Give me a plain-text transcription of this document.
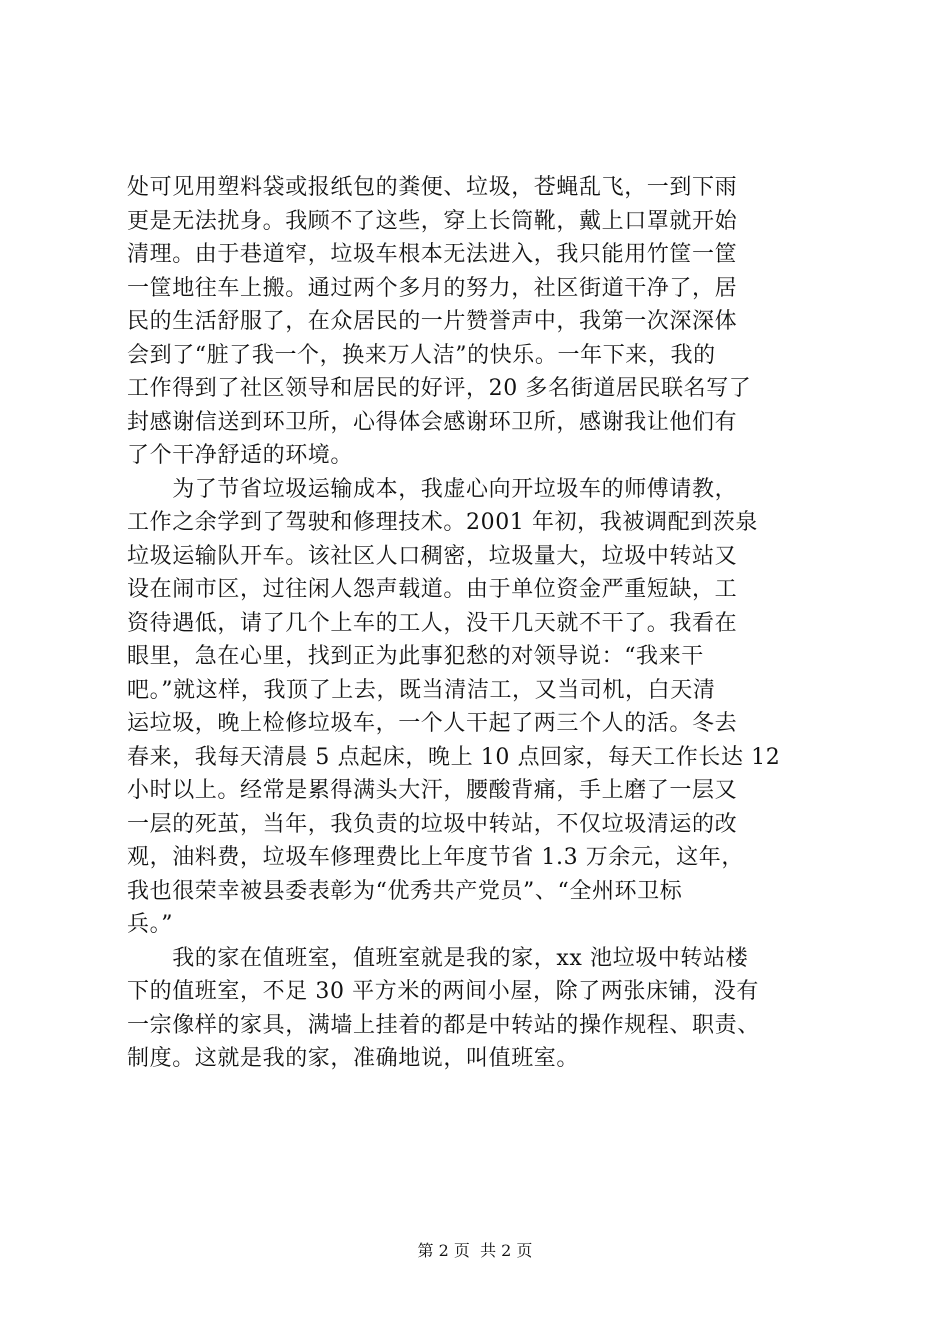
处可见用塑料袋或报纸包的粪便、垃圾，苍蝇乱飞，一到下雨
更是无法扰身。我顾不了这些，穿上长筒靴，戴上口罩就开始
清理。由于巷道窄，垃圾车根本无法进入，我只能用竹筐一筐
一筐地往车上搬。通过两个多月的努力，社区街道干净了，居
民的生活舒服了，在众居民的一片赞誉声中，我第一次深深体
会到了“脏了我一个，换来万人洁”的快乐。一年下来，我的
工作得到了社区领导和居民的好评，20 多名街道居民联名写了
封感谢信送到环卫所，心得体会感谢环卫所，感谢我让他们有
了个干净舒适的环境。
　　为了节省垃圾运输成本，我虚心向开垃圾车的师傅请教，
工作之余学到了驾驶和修理技术。2001 年初，我被调配到茨泉
垃圾运输队开车。该社区人口稠密，垃圾量大，垃圾中转站又
设在闹市区，过往闲人怨声载道。由于单位资金严重短缺，工
资待遇低，请了几个上车的工人，没干几天就不干了。我看在
眼里，急在心里，找到正为此事犯愁的对领导说：“我来干
吧。”就这样，我顶了上去，既当清洁工，又当司机，白天清
运垃圾，晚上检修垃圾车，一个人干起了两三个人的活。冬去
春来，我每天清晨 5 点起床，晚上 10 点回家，每天工作长达 12
小时以上。经常是累得满头大汗，腰酸背痛，手上磨了一层又
一层的死茧，当年，我负责的垃圾中转站，不仅垃圾清运的改
观，油料费，垃圾车修理费比上年度节省 1.3 万余元，这年，
我也很荣幸被县委表彰为“优秀共产党员”、“全州环卫标
兵。”
　　我的家在值班室，值班室就是我的家，xx 池垃圾中转站楼
下的值班室，不足 30 平方米的两间小屋，除了两张床铺，没有
一宗像样的家具，满墙上挂着的都是中转站的操作规程、职责、
制度。这就是我的家，准确地说，叫值班室。
第 2 页  共 2 页
